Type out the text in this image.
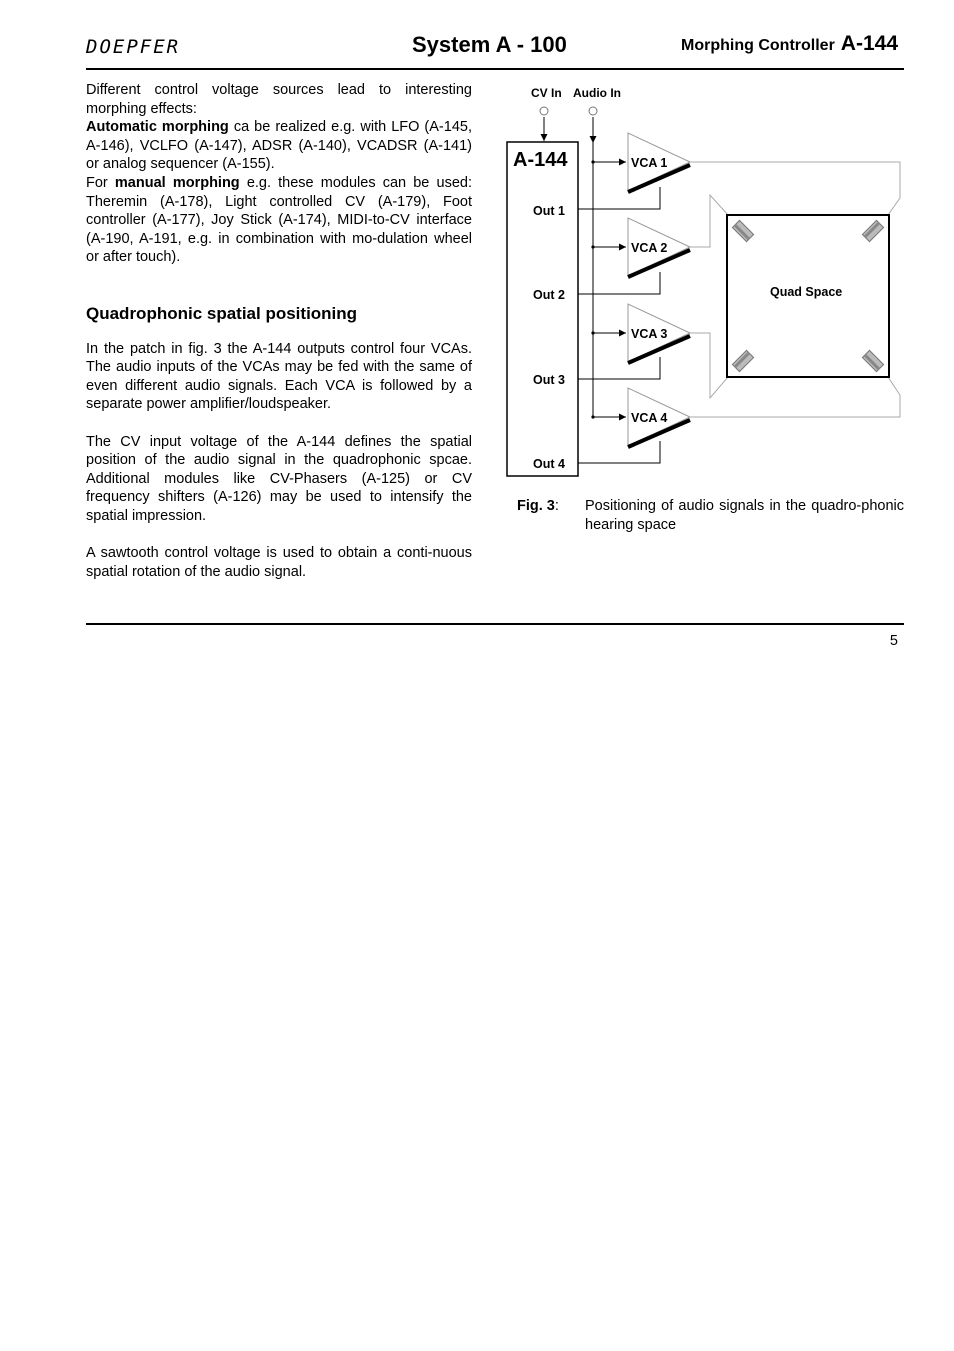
DOEPFER	System A - 100	Morphing Controller A-144

Different control voltage sources lead to interesting morphing effects:

Automatic morphing ca be realized e.g. with LFO (A-145, A-146), VCLFO (A-147), ADSR (A-140), VCADSR (A-141) or analog sequencer (A-155).

For manual morphing e.g. these modules can be used: Theremin (A-178), Light controlled CV (A-179), Foot controller (A-177), Joy Stick (A-174), MIDI-to-CV interface (A-190, A-191, e.g. in combination with mo-dulation wheel or after touch).

Quadrophonic spatial positioning

In the patch in fig. 3 the A-144 outputs control four VCAs. The audio inputs of the VCAs may be fed with the same of even different audio signals. Each VCA is followed by a separate power amplifier/loudspeaker.

The CV input voltage of the A-144 defines the spatial position of the audio signal in the quadrophonic spcae. Additional modules like CV-Phasers (A-125) or CV frequency shifters (A-126) may be used to intensify the spatial impression.

A sawtooth control voltage is used to obtain a conti-nuous spatial rotation of the audio signal.

CV In Audio In
A-144
Out 1
VCA 1
Out 2
VCA 2
Out 3
VCA 3
Out 4
VCA 4
Quad Space
Fig. 3: Positioning of audio signals in the quadro-phonic hearing space
5
